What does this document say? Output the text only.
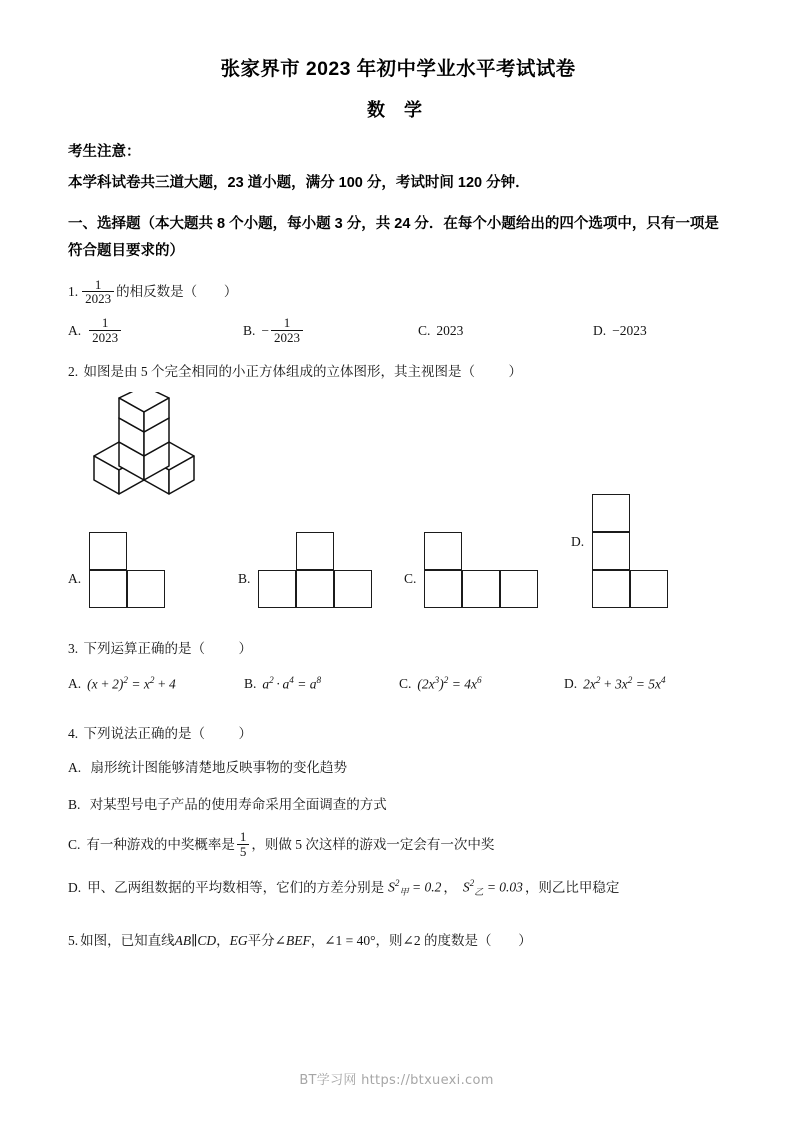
张家界市 2023 年初中学业水平考试试卷
数 学
考生注意：
本学科试卷共三道大题，23 道小题，满分 100 分，考试时间 120 分钟．
一、选择题（本大题共 8 个小题，每小题 3 分，共 24 分．在每个小题给出的四个选项中，只有一项是符合题目要求的）
1. $\frac{1}{2023}$ 的相反数是（
）
A. $\frac{1}{2023}$	B. − $\frac{1}{2023}$	C. 2023	D. −2023
2. 如图是由 5 个完全相同的小正方体组成的立体图形，其主视图是（ ）
A.	B.	C.
D.
3. 下列运算正确的是（ ）
A. $(x + 2)^2 = x^2 + 4$	B. $a^2 \cdot a^4 = a^8$	C. $(2x^3)^2 = 4x^6$	D. $2x^2 + 3x^2 = 5x^4$
4. 下列说法正确的是（ ）
A. 扇形统计图能够清楚地反映事物的变化趋势
B. 对某型号电子产品的使用寿命采用全面调查的方式
C. 有一种游戏的中奖概率是 $\frac{1}{5}$ ，则做 5 次这样的游戏一定会有一次中奖
D. 甲、乙两组数据的平均数相等，它们的方差分别是 $S^2_甲 = 0.2$ ， $S^2_乙 = 0.03$ ，则乙比甲稳定
5. 如图，已知直线 AB ∥ CD ， EG 平分∠ BEF ，∠1 = 40°，则∠2 的度数是（
）
BT学习网 https://btxuexi.com
